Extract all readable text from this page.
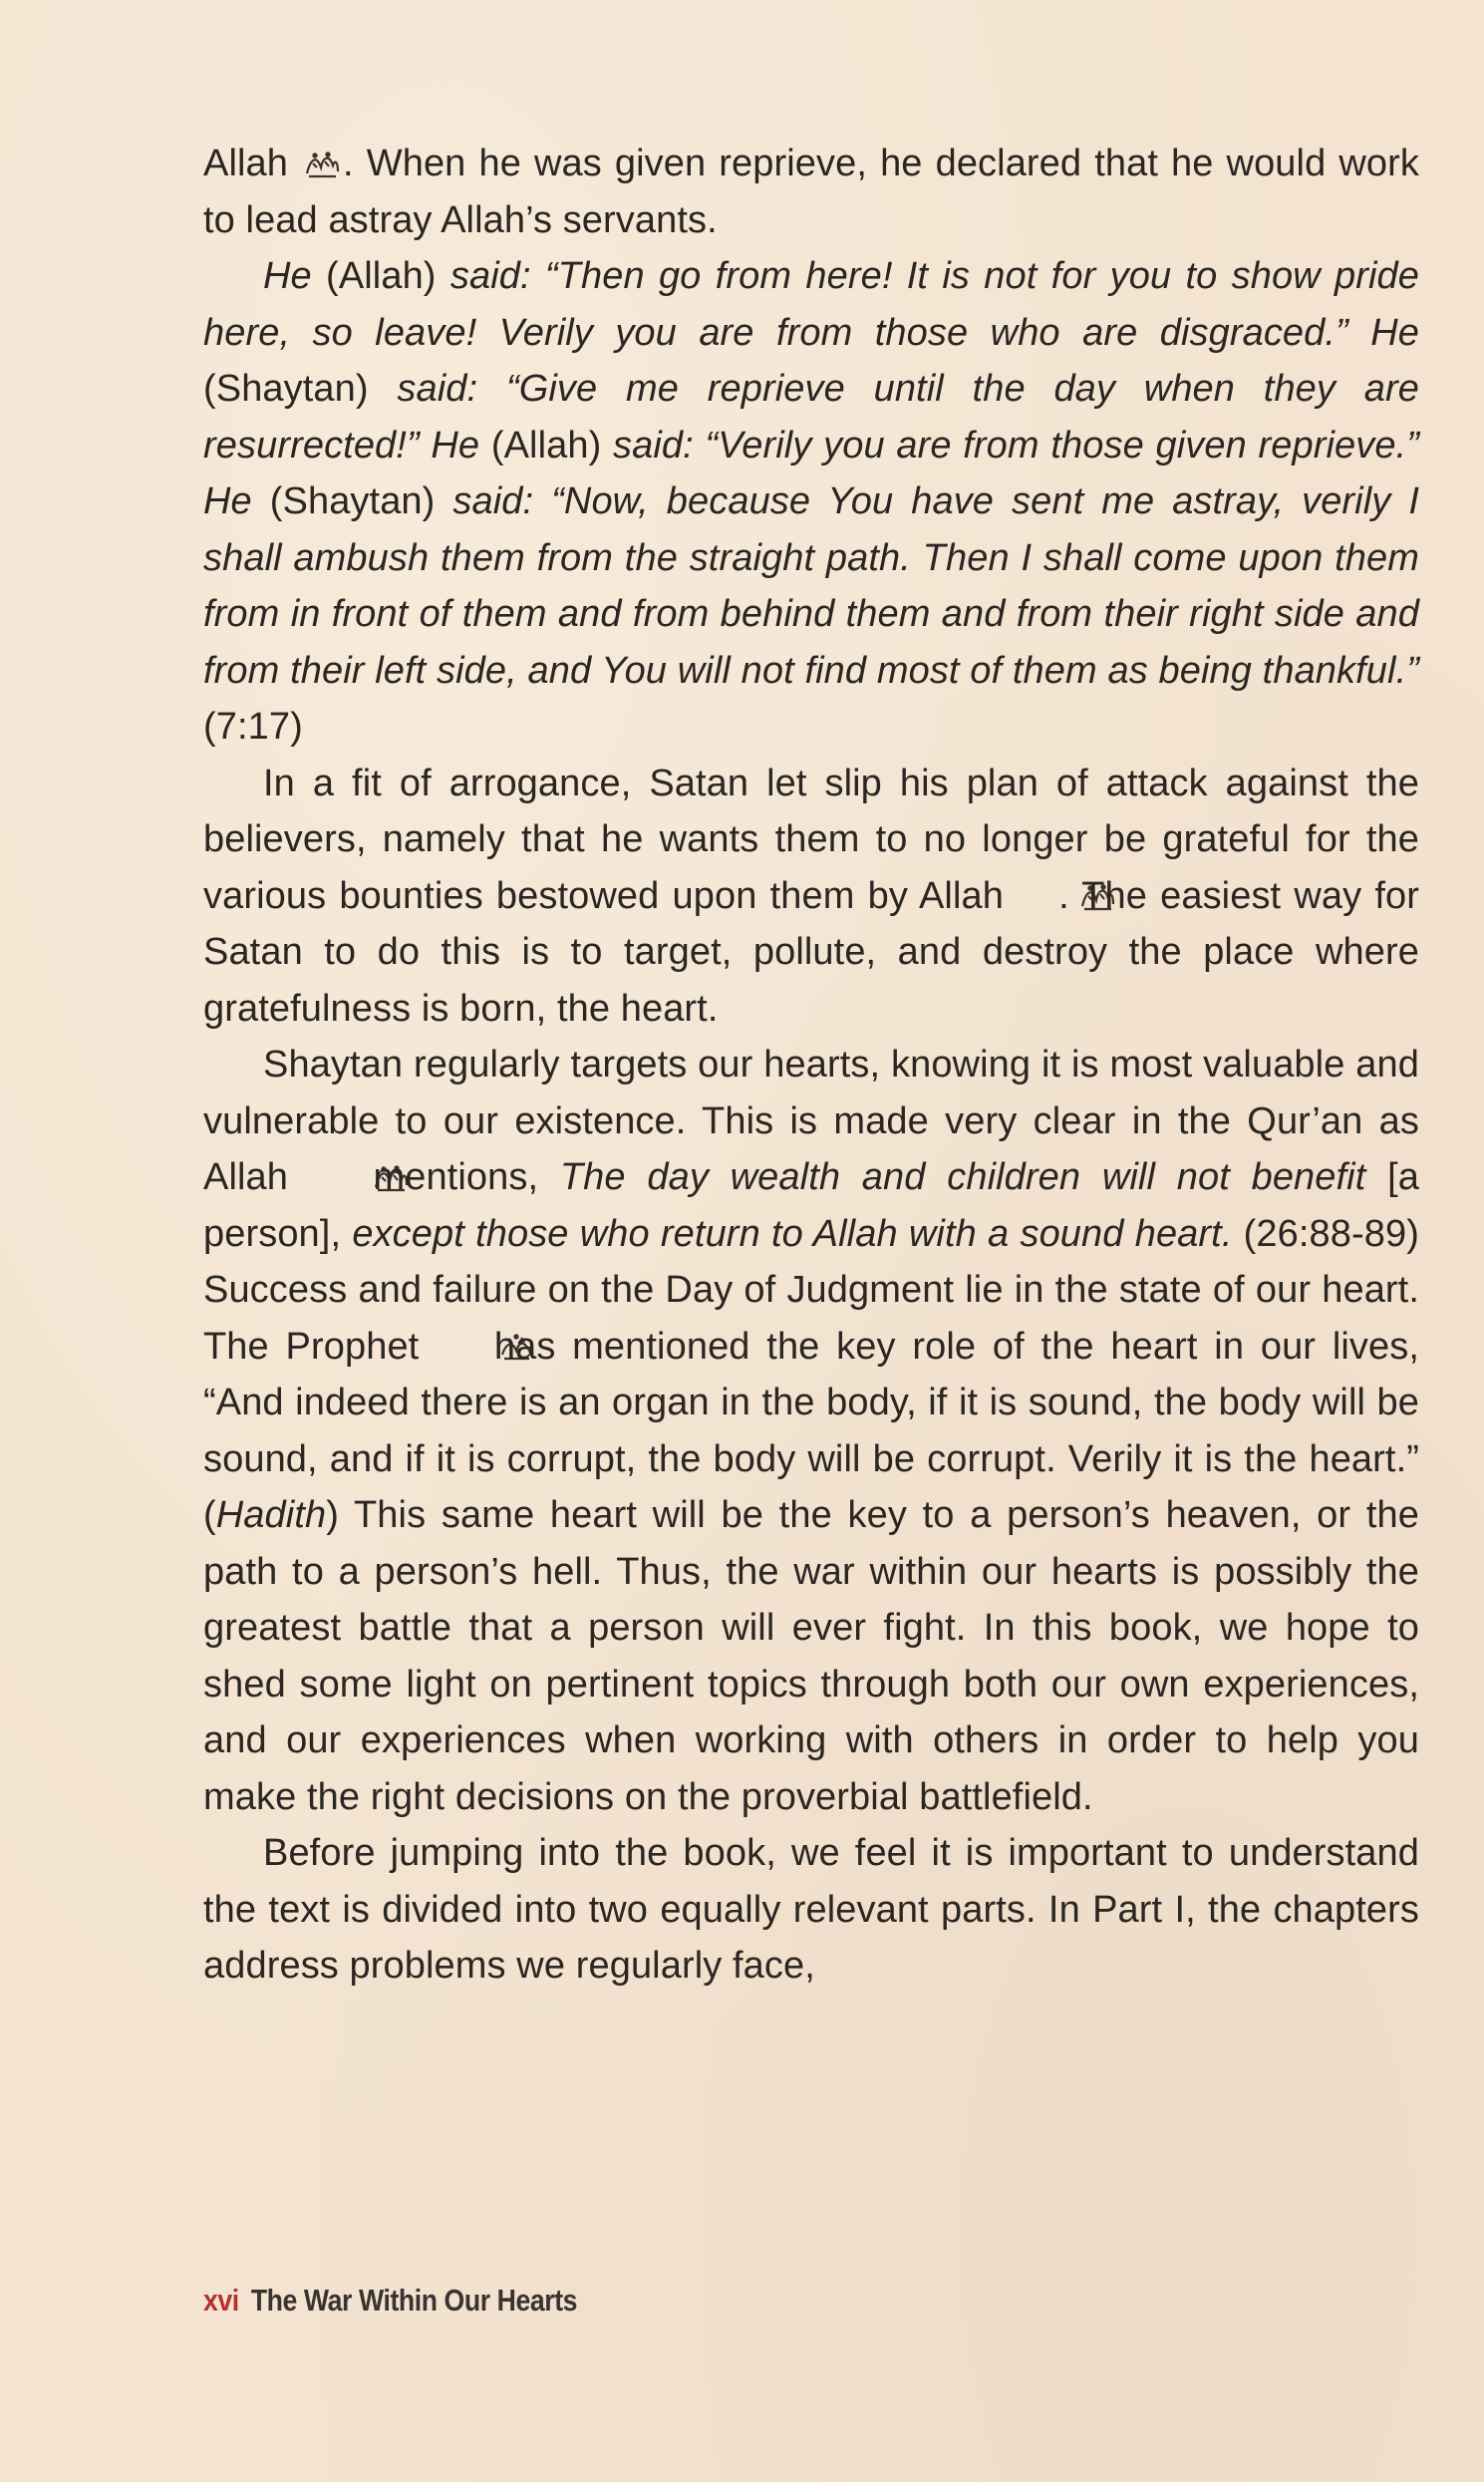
Allah . When he was given reprieve, he declared that he would work to lead astray Allah’s servants.

He (Allah) said: “Then go from here! It is not for you to show pride here, so leave! Verily you are from those who are disgraced.” He (Shaytan) said: “Give me reprieve until the day when they are resurrected!” He (Allah) said: “Verily you are from those given reprieve.” He (Shaytan) said: “Now, because You have sent me astray, verily I shall ambush them from the straight path. Then I shall come upon them from in front of them and from behind them and from their right side and from their left side, and You will not find most of them as being thankful.” (7:17)

In a fit of arrogance, Satan let slip his plan of attack against the believers, namely that he wants them to no longer be grateful for the various bounties bestowed upon them by Allah . The easiest way for Satan to do this is to target, pollute, and destroy the place where gratefulness is born, the heart.

Shaytan regularly targets our hearts, knowing it is most valuable and vulnerable to our existence. This is made very clear in the Qur’an as Allah  mentions, The day wealth and children will not benefit [a person], except those who return to Allah with a sound heart. (26:88-89) Success and failure on the Day of Judgment lie in the state of our heart. The Prophet  has mentioned the key role of the heart in our lives, “And indeed there is an organ in the body, if it is sound, the body will be sound, and if it is corrupt, the body will be corrupt. Verily it is the heart.” (Hadith) This same heart will be the key to a person’s heaven, or the path to a person’s hell. Thus, the war within our hearts is possibly the greatest battle that a person will ever fight. In this book, we hope to shed some light on pertinent topics through both our own experiences, and our experiences when working with others in order to help you make the right decisions on the proverbial battlefield.

Before jumping into the book, we feel it is important to understand the text is divided into two equally relevant parts. In Part I, the chapters address problems we regularly face,

xvi The War Within Our Hearts
